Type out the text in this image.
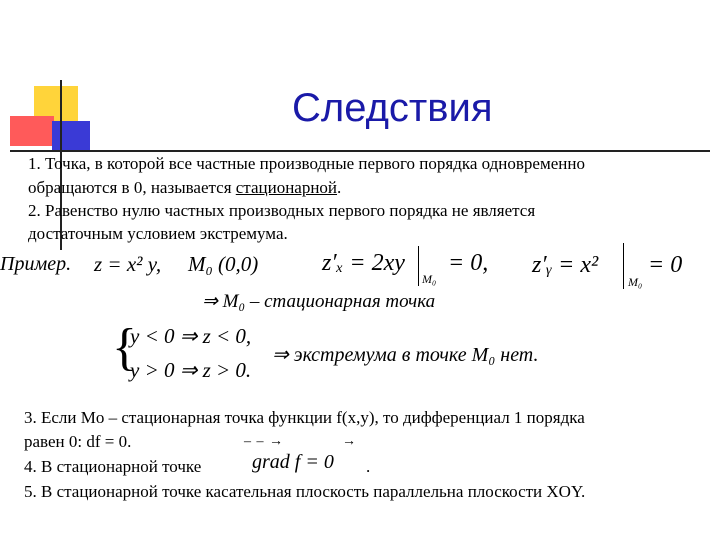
Следствия
1. Точка, в которой все частные производные первого порядка одновременно
обращаются в 0, называется стационарной.
2. Равенство нулю частных производных первого порядка не является
достаточным условием экстремума.
Пример. z = x² y, M₀ (0,0)	z′ₓ = 2xy
M₀
= 0, z′ᵧ = x²
M₀
= 0
⇒ M₀ – стационарная точка
{
y < 0 ⇒ z < 0,
y > 0 ⇒ z > 0.
⇒ экстремума в точке M₀ нет.
3. Если Mo – стационарная точка функции f(x,y), то дифференциал 1 порядка
равен 0: df = 0.
4. В стационарной точке
– – →	→
grad f = 0 .
5. В стационарной точке касательная плоскость параллельна плоскости XOY.
